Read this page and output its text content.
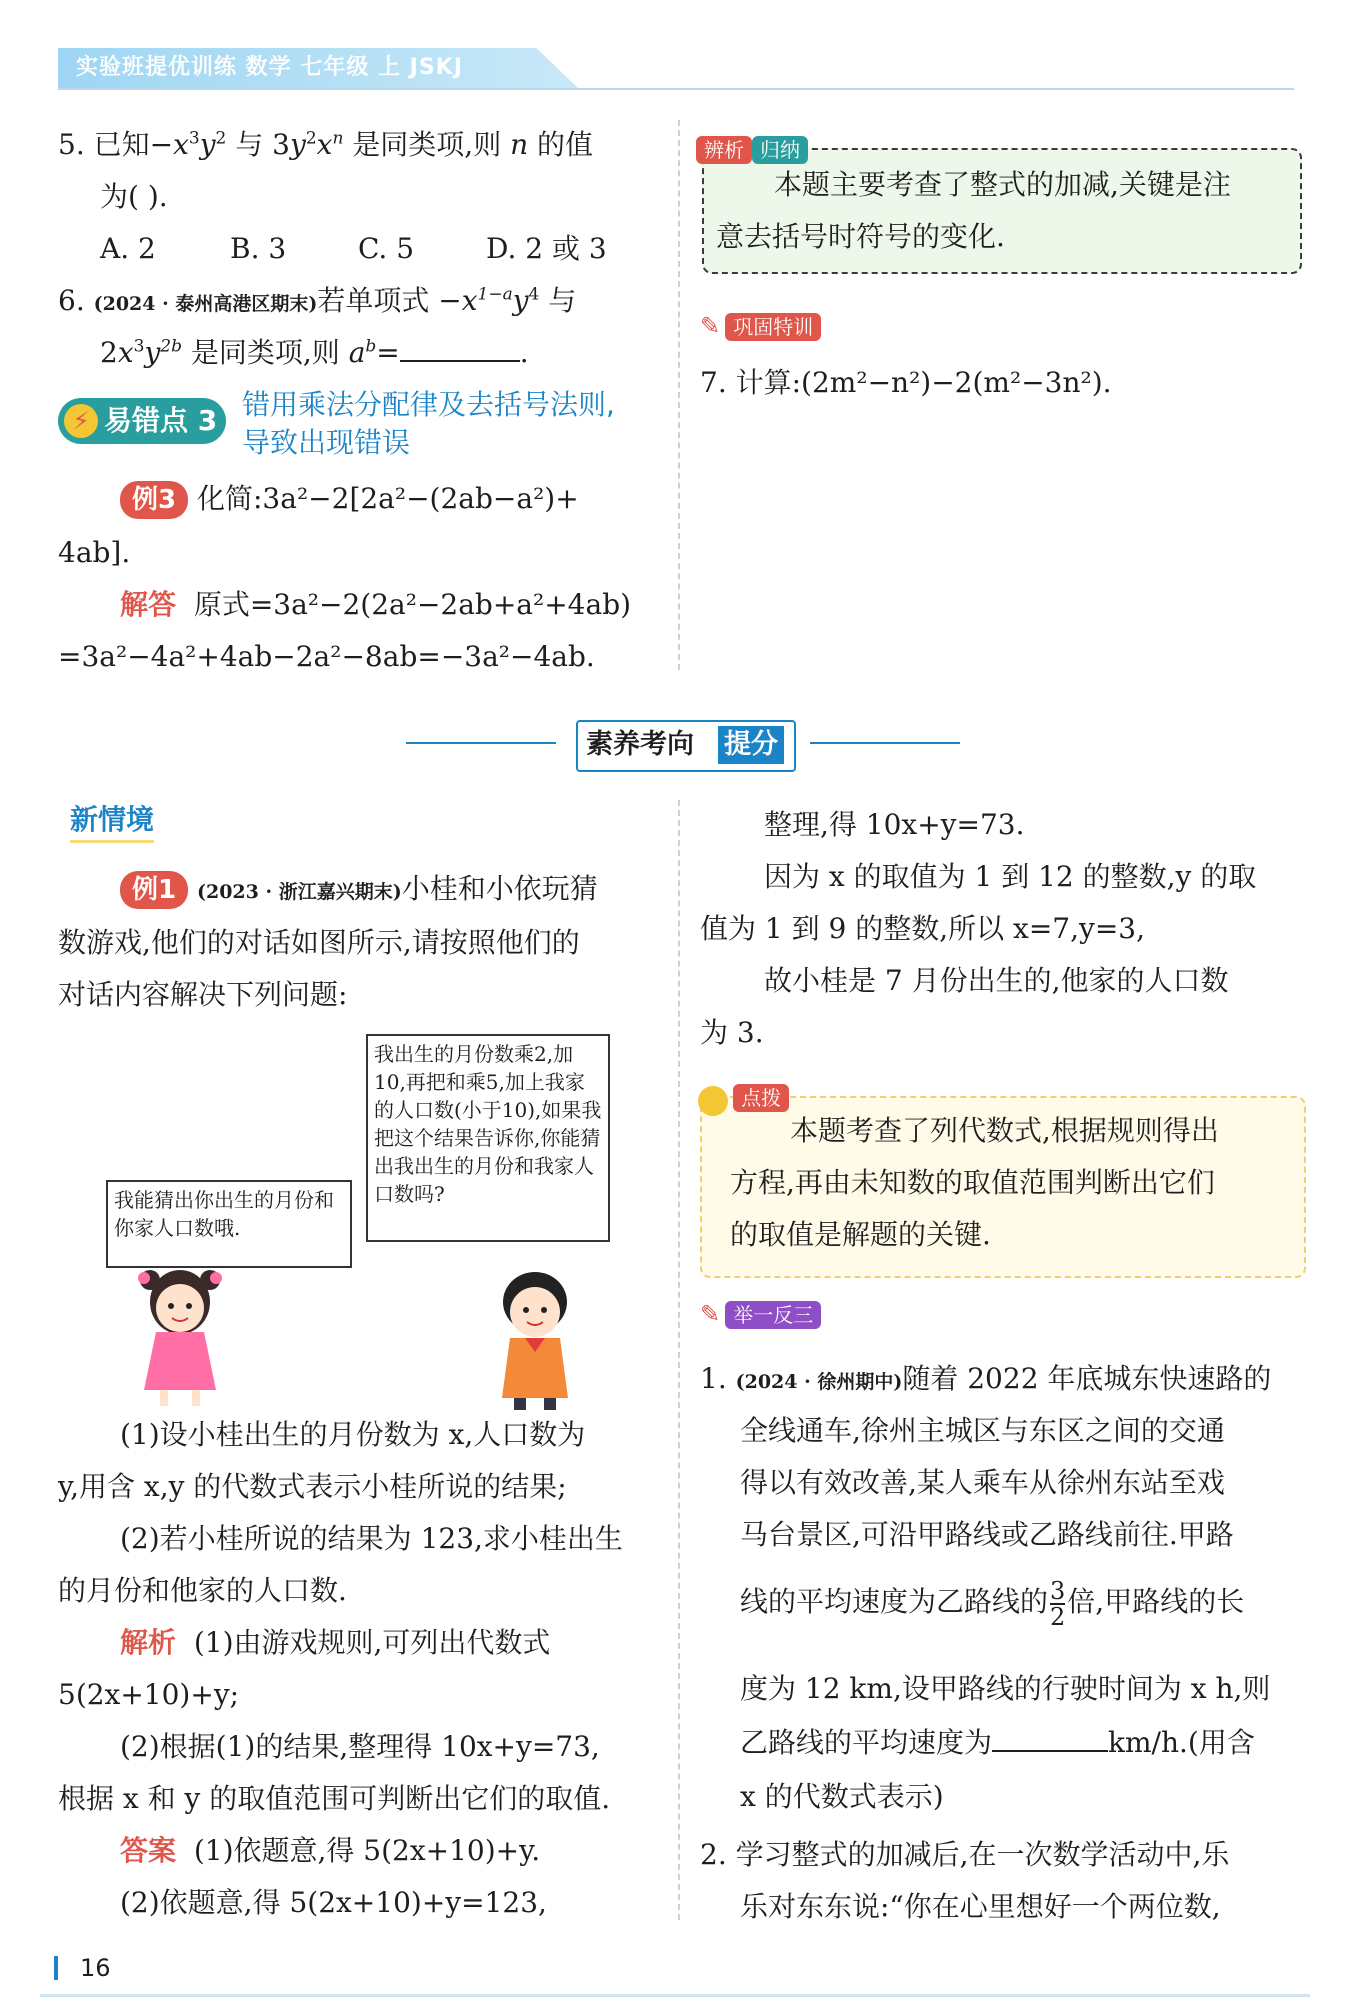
实验班提优训练 数学 七年级 上 JSKJ
5. 已知$-x^3y^2$ 与 $3y^2x^n$ 是同类项,则 n 的值
为( ).
A. 2	B. 3	C. 5	D. 2 或 3
6. (2024 · 泰州高港区期末)若单项式 $-x^{1-a}y^4$ 与
$2x^3y^{2b}$ 是同类项,则 $a^b=$	.
⚡ 易错点 3 错用乘法分配律及去括号法则,
导致出现错误
例3 化简:3a²−2[2a²−(2ab−a²)+
4ab].
解答 原式=3a²−2(2a²−2ab+a²+4ab)
=3a²−4a²+4ab−2a²−8ab=−3a²−4ab.
辨析 归纳
本题主要考查了整式的加减,关键是注
意去括号时符号的变化.
✎ 巩固特训
7. 计算:(2m²−n²)−2(m²−3n²).
素养考向 提分
新情境
例1 (2023 · 浙江嘉兴期末)小桂和小依玩猜
数游戏,他们的对话如图所示,请按照他们的
对话内容解决下列问题:
我能猜出你出生的月份和你家人口数哦.
我出生的月份数乘2,加10,再把和乘5,加上我家的人口数(小于10),如果我把这个结果告诉你,你能猜出我出生的月份和我家人口数吗?
(1)设小桂出生的月份数为 x,人口数为
y,用含 x,y 的代数式表示小桂所说的结果;
(2)若小桂所说的结果为 123,求小桂出生
的月份和他家的人口数.
解析 (1)由游戏规则,可列出代数式
5(2x+10)+y;
(2)根据(1)的结果,整理得 10x+y=73,
根据 x 和 y 的取值范围可判断出它们的取值.
答案 (1)依题意,得 5(2x+10)+y.
(2)依题意,得 5(2x+10)+y=123,
整理,得 10x+y=73.
因为 x 的取值为 1 到 12 的整数,y 的取
值为 1 到 9 的整数,所以 x=7,y=3,
故小桂是 7 月份出生的,他家的人口数
为 3.
点拨
本题考查了列代数式,根据规则得出
方程,再由未知数的取值范围判断出它们
的取值是解题的关键.
✎ 举一反三
1. (2024 · 徐州期中)随着 2022 年底城东快速路的
全线通车,徐州主城区与东区之间的交通
得以有效改善,某人乘车从徐州东站至戏
马台景区,可沿甲路线或乙路线前往.甲路
线的平均速度为乙路线的 $\frac{3}{2}$ 倍,甲路线的长
度为 12 km,设甲路线的行驶时间为 x h,则
乙路线的平均速度为	km/h.(用含
x 的代数式表示)
2. 学习整式的加减后,在一次数学活动中,乐
乐对东东说:“你在心里想好一个两位数,
16
